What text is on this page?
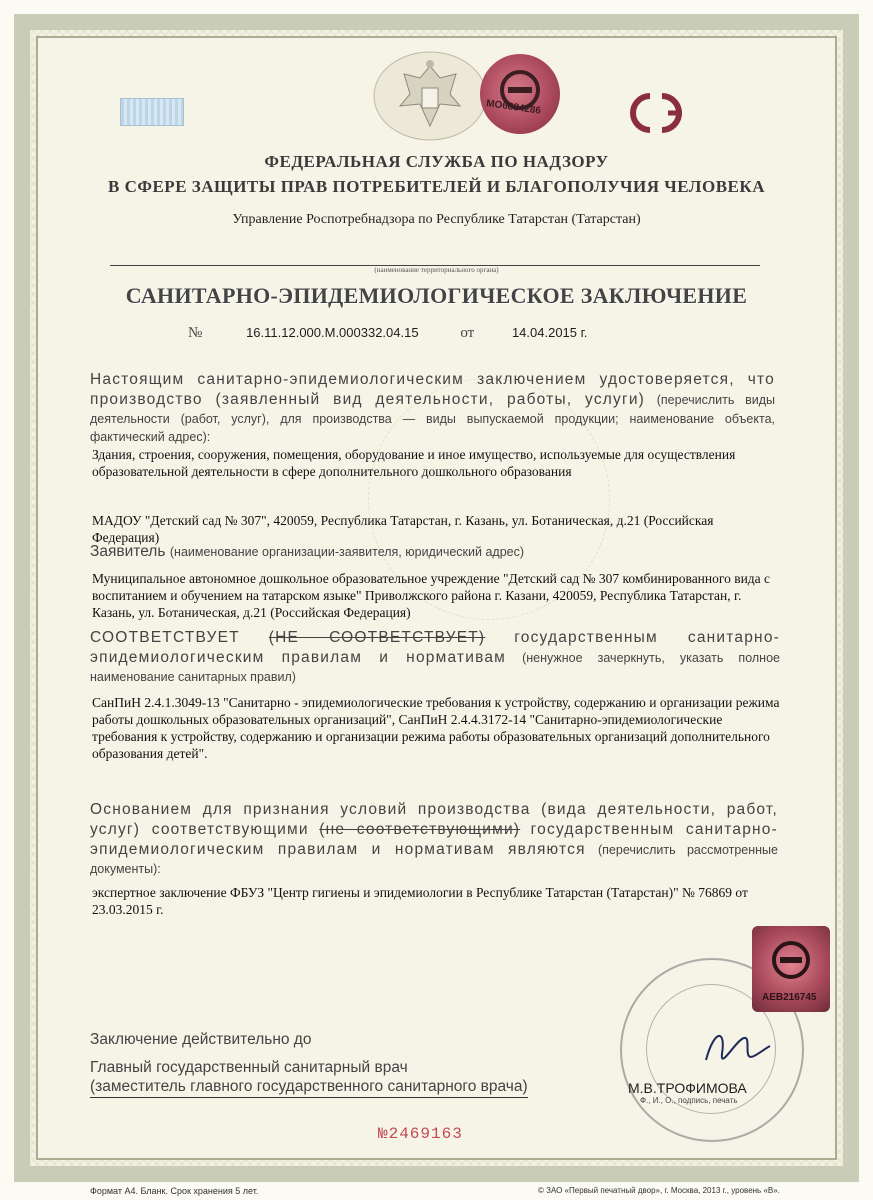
МО6884286
ФЕДЕРАЛЬНАЯ СЛУЖБА ПО НАДЗОРУ
В СФЕРЕ ЗАЩИТЫ ПРАВ ПОТРЕБИТЕЛЕЙ И БЛАГОПОЛУЧИЯ ЧЕЛОВЕКА
Управление Роспотребнадзора по Республике Татарстан (Татарстан)
(наименование территориального органа)
САНИТАРНО-ЭПИДЕМИОЛОГИЧЕСКОЕ ЗАКЛЮЧЕНИЕ
№	16.11.12.000.М.000332.04.15	от	14.04.2015 г.
Настоящим санитарно-эпидемиологическим заключением удостоверяется, что производство (заявленный вид деятельности, работы, услуги) (перечислить виды деятельности (работ, услуг), для производства — виды выпускаемой продукции; наименование объекта, фактический адрес):
Здания, строения, сооружения, помещения, оборудование и иное имущество, используемые для осуществления образовательной деятельности в сфере дополнительного дошкольного образования
МАДОУ "Детский сад № 307", 420059, Республика Татарстан, г. Казань, ул. Ботаническая, д.21 (Российская Федерация)
Заявитель (наименование организации-заявителя, юридический адрес)
Муниципальное автономное дошкольное образовательное учреждение "Детский сад № 307 комбинированного вида с воспитанием и обучением на татарском языке" Приволжского района г. Казани, 420059, Республика Татарстан, г. Казань, ул. Ботаническая, д.21 (Российская Федерация)
СООТВЕТСТВУЕТ (НЕ СООТВЕТСТВУЕТ) государственным санитарно-эпидемиологическим правилам и нормативам (ненужное зачеркнуть, указать полное наименование санитарных правил)
СанПиН 2.4.1.3049-13 "Санитарно - эпидемиологические требования к устройству, содержанию и организации режима работы дошкольных образовательных организаций", СанПиН 2.4.4.3172-14 "Санитарно-эпидемиологические требования к устройству, содержанию и организации режима работы образовательных организаций дополнительного образования детей".
Основанием для признания условий производства (вида деятельности, работ, услуг) соответствующими (не соответствующими) государственным санитарно-эпидемиологическим правилам и нормативам являются (перечислить рассмотренные документы):
экспертное заключение ФБУЗ "Центр гигиены и эпидемиологии в Республике Татарстан (Татарстан)" № 76869 от 23.03.2015 г.
Заключение действительно до
Главный государственный санитарный врач
(заместитель главного государственного санитарного врача)
АЕВ216745
М.В.ТРОФИМОВА
Ф., И., О., подпись, печать
№2469163
Формат А4. Бланк. Срок хранения 5 лет.	© ЗАО «Первый печатный двор», г. Москва, 2013 г., уровень «В».
